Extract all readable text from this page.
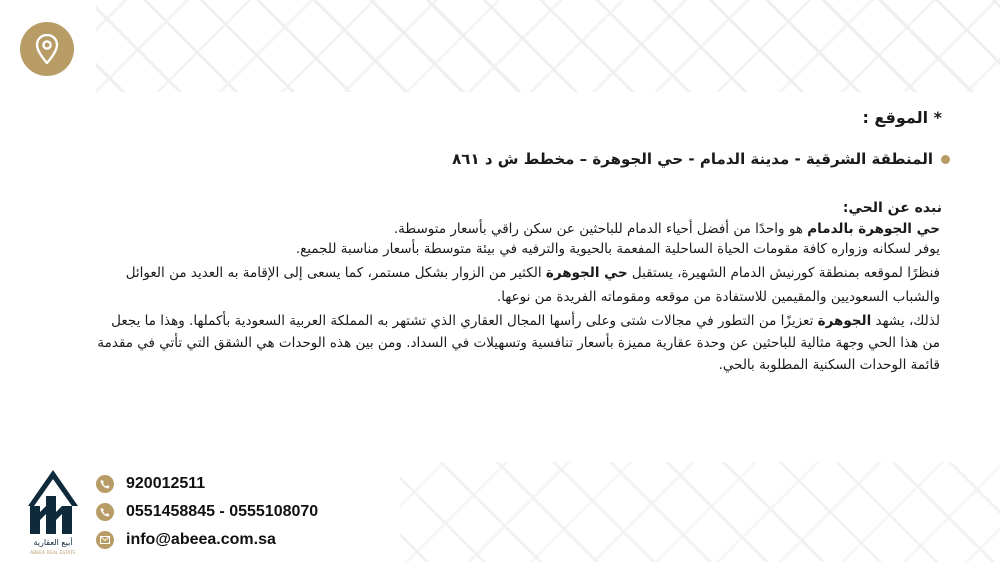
* الموقع :
المنطقة الشرقية - مدينة الدمام - حي الجوهرة – مخطط ش د ٨٦١
نبده عن الحي:
حي الجوهرة بالدمام هو واحدًا من أفضل أحياء الدمام للباحثين عن سكن راقي بأسعار متوسطة.
يوفر لسكانه وزواره كافة مقومات الحياة الساحلية المفعمة بالحيوية والترفيه في بيئة متوسطة بأسعار مناسبة للجميع.
فنظرًا لموقعه بمنطقة كورنيش الدمام الشهيرة، يستقبل حي الجوهرة الكثير من الزوار بشكل مستمر، كما يسعى إلى الإقامة به العديد من العوائل
والشباب السعوديين والمقيمين للاستفادة من موقعه ومقوماته الفريدة من نوعها.
لذلك، يشهد الجوهرة تعزيزًا من التطور في مجالات شتى وعلى رأسها المجال العقاري الذي تشتهر به المملكة العربية السعودية بأكملها. وهذا ما يجعل
من هذا الحي وجهة مثالية للباحثين عن وحدة عقارية مميزة بأسعار تنافسية وتسهيلات في السداد. ومن بين هذه الوحدات هي الشقق التي تأتي في مقدمة
قائمة الوحدات السكنية المطلوبة بالحي.
أبيع العقارية
ABEEA REAL ESTATE
920012511
0551458845 - 0555108070
info@abeea.com.sa
